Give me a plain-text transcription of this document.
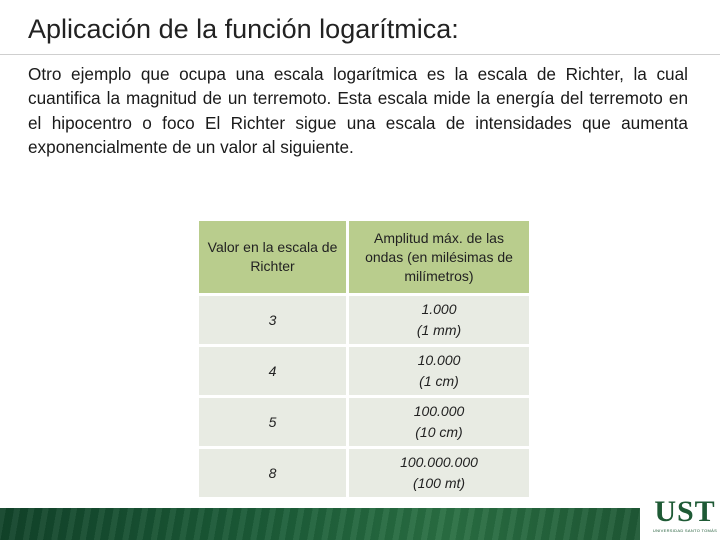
Aplicación de la función logarítmica:

Otro ejemplo que ocupa una escala logarítmica es la escala de Richter, la cual cuantifica la magnitud de un terremoto. Esta escala mide la energía del terremoto en el hipocentro o foco El Richter sigue una escala de intensidades que aumenta exponencialmente de un valor al siguiente.

Valor en la escala de Richter	Amplitud máx. de las ondas (en milésimas de milímetros)
3	1.000
(1 mm)

4	10.000
(1 cm)

5	100.000
(10 cm)

8	100.000.000
(100 mt)
UST
UNIVERSIDAD SANTO TOMÁS
